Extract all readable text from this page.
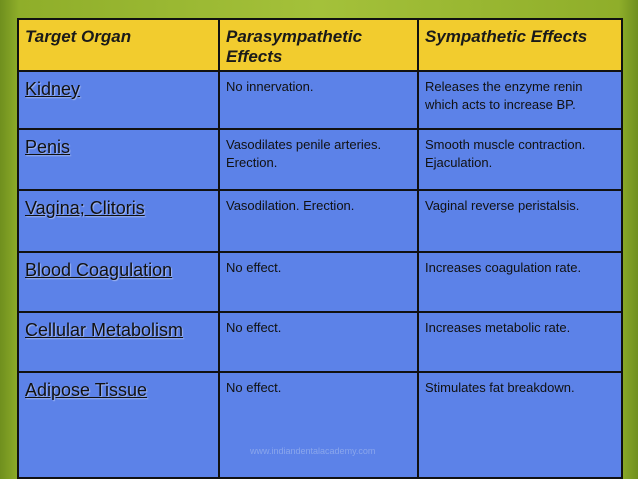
Target Organ	Parasympathetic Effects	Sympathetic Effects
Kidney	No innervation.	Releases the enzyme renin which acts to increase BP.
Penis	Vasodilates penile arteries. Erection.	Smooth muscle contraction. Ejaculation.
Vagina; Clitoris	Vasodilation. Erection.	Vaginal reverse peristalsis.
Blood Coagulation	No effect.	Increases coagulation rate.
Cellular Metabolism	No effect.	Increases metabolic rate.
Adipose Tissue	No effect.	Stimulates fat breakdown.
www.indiandentalacademy.com
